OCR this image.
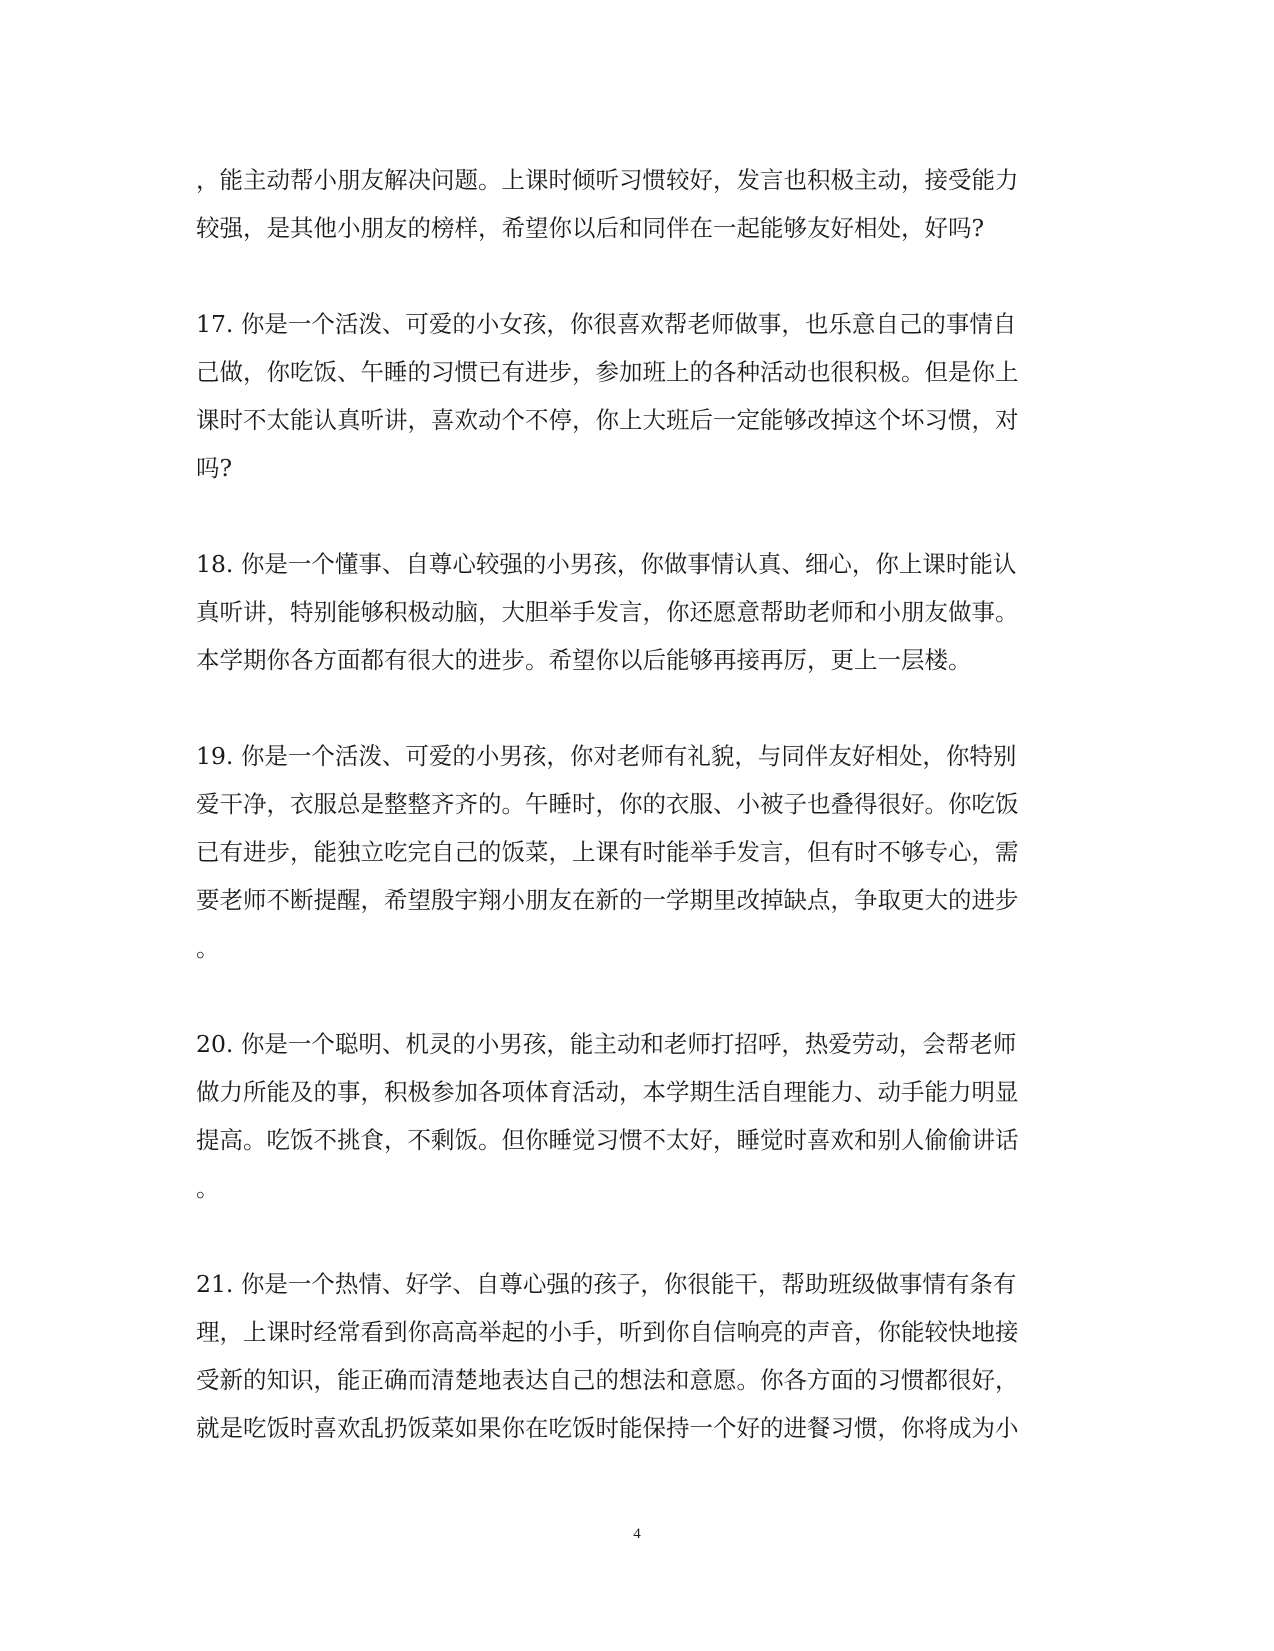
，能主动帮小朋友解决问题。上课时倾听习惯较好，发言也积极主动，接受能力
较强，是其他小朋友的榜样，希望你以后和同伴在一起能够友好相处，好吗?
17. 你是一个活泼、可爱的小女孩，你很喜欢帮老师做事，也乐意自己的事情自
己做，你吃饭、午睡的习惯已有进步，参加班上的各种活动也很积极。但是你上
课时不太能认真听讲，喜欢动个不停，你上大班后一定能够改掉这个坏习惯，对
吗?
18. 你是一个懂事、自尊心较强的小男孩，你做事情认真、细心，你上课时能认
真听讲，特别能够积极动脑，大胆举手发言，你还愿意帮助老师和小朋友做事。
本学期你各方面都有很大的进步。希望你以后能够再接再厉，更上一层楼。
19. 你是一个活泼、可爱的小男孩，你对老师有礼貌，与同伴友好相处，你特别
爱干净，衣服总是整整齐齐的。午睡时，你的衣服、小被子也叠得很好。你吃饭
已有进步，能独立吃完自己的饭菜，上课有时能举手发言，但有时不够专心，需
要老师不断提醒，希望殷宇翔小朋友在新的一学期里改掉缺点，争取更大的进步
。
20. 你是一个聪明、机灵的小男孩，能主动和老师打招呼，热爱劳动，会帮老师
做力所能及的事，积极参加各项体育活动，本学期生活自理能力、动手能力明显
提高。吃饭不挑食，不剩饭。但你睡觉习惯不太好，睡觉时喜欢和别人偷偷讲话
。
21. 你是一个热情、好学、自尊心强的孩子，你很能干，帮助班级做事情有条有
理，上课时经常看到你高高举起的小手，听到你自信响亮的声音，你能较快地接
受新的知识，能正确而清楚地表达自己的想法和意愿。你各方面的习惯都很好，
就是吃饭时喜欢乱扔饭菜如果你在吃饭时能保持一个好的进餐习惯，你将成为小
4
